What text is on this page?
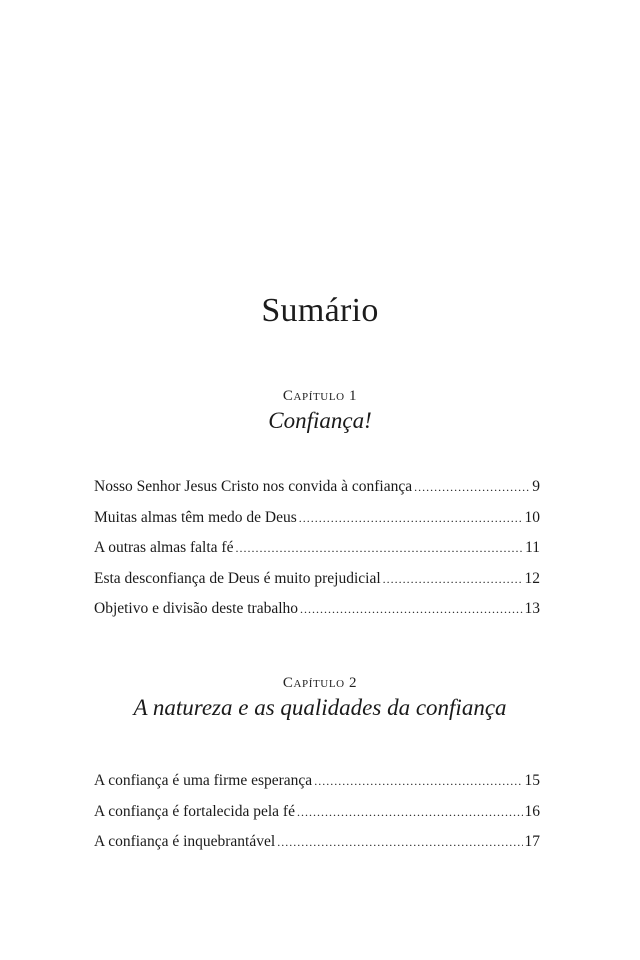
Sumário
Capítulo 1
Confiança!
Nosso Senhor Jesus Cristo nos convida à confiança .....	9
Muitas almas têm medo de Deus .....	10
A outras almas falta fé .....	11
Esta desconfiança de Deus é muito prejudicial .....	12
Objetivo e divisão deste trabalho .....	13
Capítulo 2
A natureza e as qualidades da confiança
A confiança é uma firme esperança .....	15
A confiança é fortalecida pela fé .....	16
A confiança é inquebrantável .....	17
